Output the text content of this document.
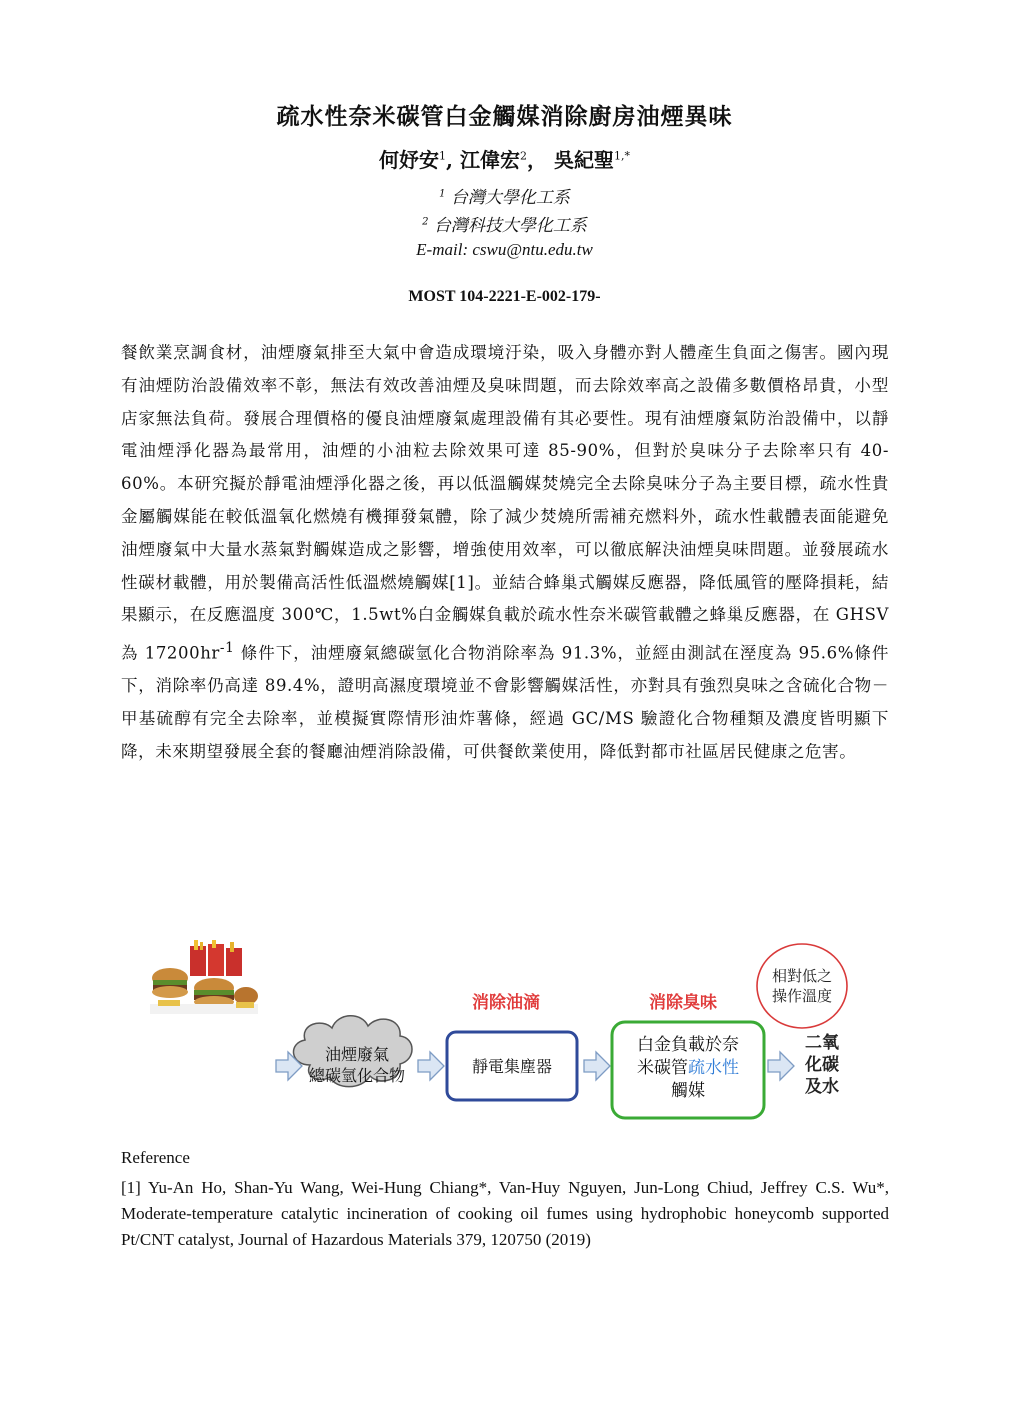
疏水性奈米碳管白金觸媒消除廚房油煙異味
何妤安$^1$, 江偉宏$^2$， 吳紀聖$^{1,*}$
$^1$ 台灣大學化工系
$^2$ 台灣科技大學化工系
E-mail: cswu@ntu.edu.tw
MOST 104-2221-E-002-179-

餐飲業烹調食材，油煙廢氣排至大氣中會造成環境汙染，吸入身體亦對人體產生負面之傷害。國內現有油煙防治設備效率不彰，無法有效改善油煙及臭味問題，而去除效率高之設備多數價格昂貴，小型店家無法負荷。發展合理價格的優良油煙廢氣處理設備有其必要性。現有油煙廢氣防治設備中，以靜電油煙淨化器為最常用，油煙的小油粒去除效果可達 85-90%，但對於臭味分子去除率只有 40-60%。本研究擬於靜電油煙淨化器之後，再以低溫觸媒焚燒完全去除臭味分子為主要目標，疏水性貴金屬觸媒能在較低溫氧化燃燒有機揮發氣體，除了減少焚燒所需補充燃料外，疏水性載體表面能避免油煙廢氣中大量水蒸氣對觸媒造成之影響，增強使用效率，可以徹底解決油煙臭味問題。並發展疏水性碳材載體，用於製備高活性低溫燃燒觸媒[1]。並結合蜂巢式觸媒反應器，降低風管的壓降損耗，結果顯示，在反應溫度 300℃，1.5wt%白金觸媒負載於疏水性奈米碳管載體之蜂巢反應器，在 GHSV 為 $17200hr^{-1}$ 條件下，油煙廢氣總碳氫化合物消除率為 91.3%，並經由測試在溼度為 95.6%條件下，消除率仍高達 89.4%，證明高濕度環境並不會影響觸媒活性，亦對具有強烈臭味之含硫化合物－甲基硫醇有完全去除率，並模擬實際情形油炸薯條，經過 GC/MS 驗證化合物種類及濃度皆明顯下降，未來期望發展全套的餐廳油煙消除設備，可供餐飲業使用，降低對都市社區居民健康之危害。

油煙廢氣
總碳氫化合物
消除油滴
靜電集塵器
消除臭味
白金負載於奈
米碳管疏水性
觸媒
相對低之
操作溫度
二氧
化碳
及水
Reference
[1] Yu-An Ho, Shan-Yu Wang, Wei-Hung Chiang*, Van-Huy Nguyen, Jun-Long Chiud, Jeffrey C.S. Wu*, Moderate-temperature catalytic incineration of cooking oil fumes using hydrophobic honeycomb supported Pt/CNT catalyst, Journal of Hazardous Materials 379, 120750 (2019)
